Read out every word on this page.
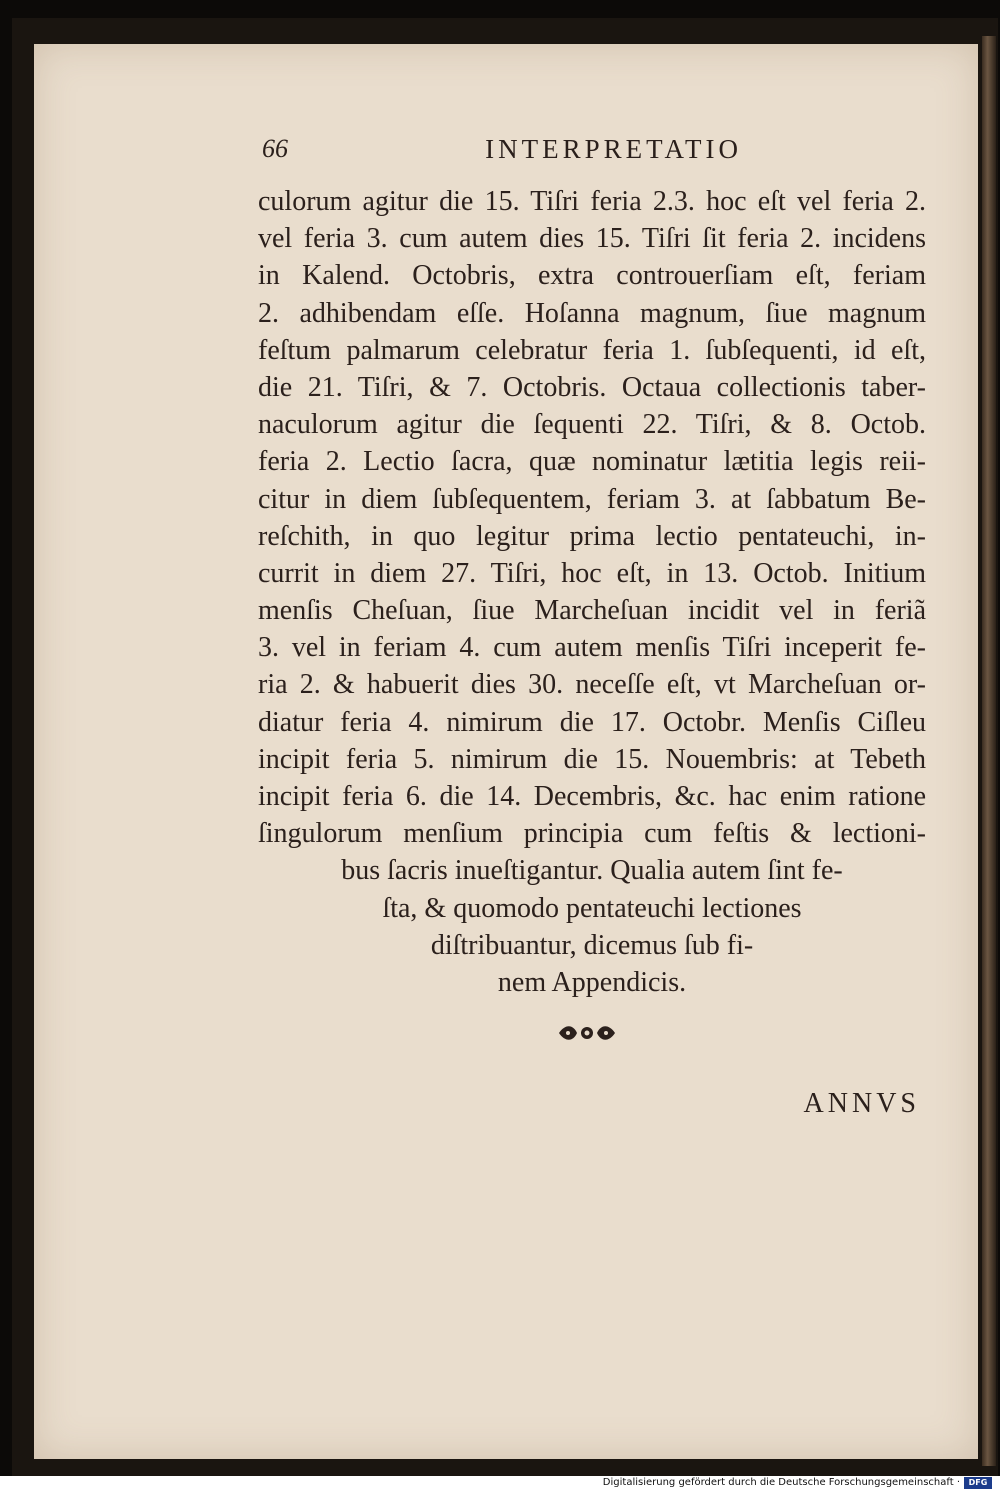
66	INTERPRETATIO
culorum agitur die 15. Tiſri feria 2.3. hoc eſt vel feria 2.
vel feria 3. cum autem dies 15. Tiſri ſit feria 2. incidens
in Kalend. Octobris, extra controuerſiam eſt, feriam
2. adhibendam eſſe. Hoſanna magnum, ſiue magnum
feſtum palmarum celebratur feria 1. ſubſequenti, id eſt,
die 21. Tiſri, & 7. Octobris. Octaua collectionis taber-
naculorum agitur die ſequenti 22. Tiſri, & 8. Octob.
feria 2. Lectio ſacra, quæ nominatur lætitia legis reii-
citur in diem ſubſequentem, feriam 3. at ſabbatum Be-
reſchith, in quo legitur prima lectio pentateuchi, in-
currit in diem 27. Tiſri, hoc eſt, in 13. Octob. Initium
menſis Cheſuan, ſiue Marcheſuan incidit vel in feriã
3. vel in feriam 4. cum autem menſis Tiſri inceperit fe-
ria 2. & habuerit dies 30. neceſſe eſt, vt Marcheſuan or-
diatur feria 4. nimirum die 17. Octobr. Menſis Ciſleu
incipit feria 5. nimirum die 15. Nouembris: at Tebeth
incipit feria 6. die 14. Decembris, &c. hac enim ratione
ſingulorum menſium principia cum feſtis & lectioni-
bus ſacris inueſtigantur. Qualia autem ſint fe-
ſta, & quomodo pentateuchi lectiones
diſtribuantur, dicemus ſub fi-
nem Appendicis.
ANNVS
Digitalisierung gefördert durch die Deutsche Forschungsgemeinschaft ·	DFG
